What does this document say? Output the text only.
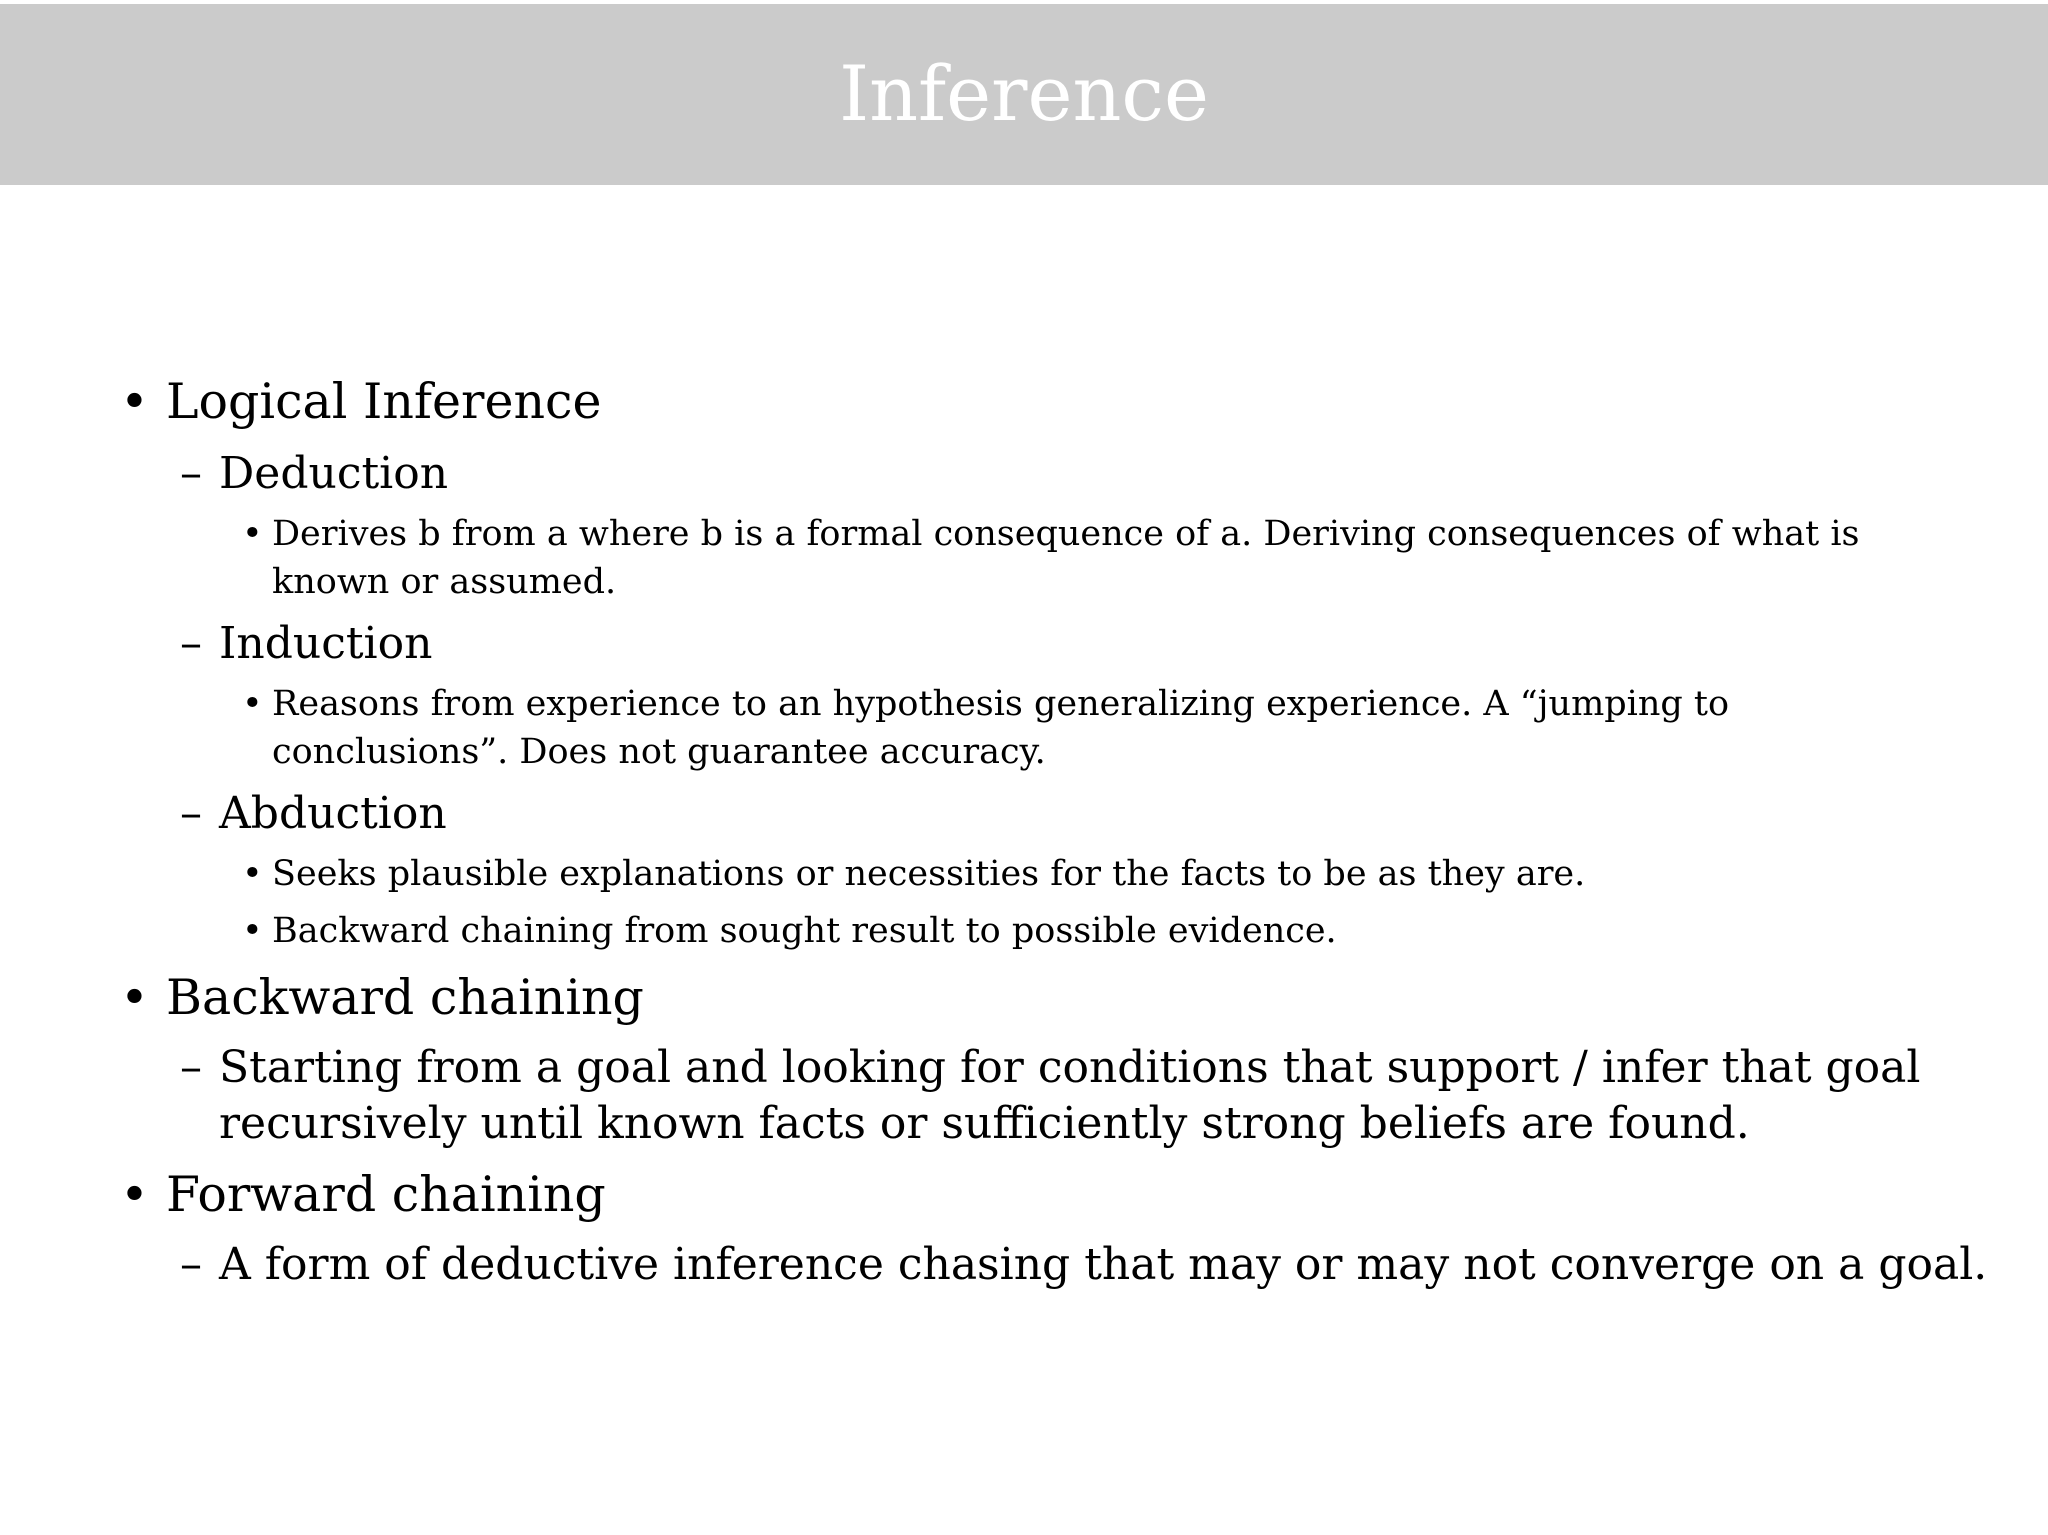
Inference
• Logical Inference
– Deduction
• Derives b from a where b is a formal consequence of a. Deriving consequences of what is
known or assumed.
– Induction
• Reasons from experience to an hypothesis generalizing experience. A “jumping to
conclusions”. Does not guarantee accuracy.
– Abduction
• Seeks plausible explanations or necessities for the facts to be as they are.
• Backward chaining from sought result to possible evidence.
• Backward chaining
– Starting from a goal and looking for conditions that support / infer that goal
recursively until known facts or sufficiently strong beliefs are found.
• Forward chaining
– A form of deductive inference chasing that may or may not converge on a goal.
